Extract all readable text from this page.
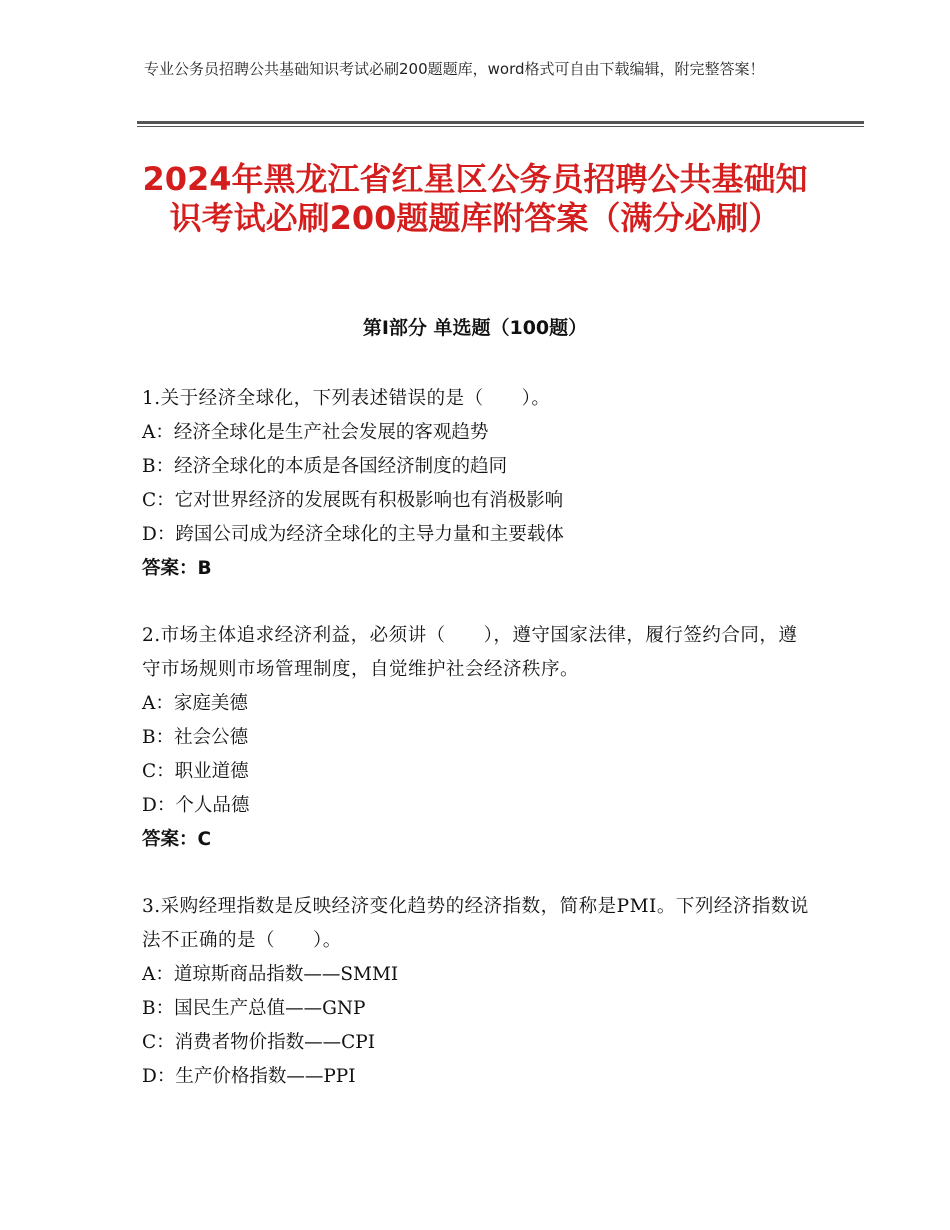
专业公务员招聘公共基础知识考试必刷200题题库，word格式可自由下载编辑，附完整答案！
2024年黑龙江省红星区公务员招聘公共基础知识考试必刷200题题库附答案（满分必刷）
第Ⅰ部分 单选题（100题）

1.关于经济全球化，下列表述错误的是（　　）。

A：经济全球化是生产社会发展的客观趋势

B：经济全球化的本质是各国经济制度的趋同

C：它对世界经济的发展既有积极影响也有消极影响

D：跨国公司成为经济全球化的主导力量和主要载体

答案：B

2.市场主体追求经济利益，必须讲（　　），遵守国家法律，履行签约合同，遵守市场规则市场管理制度，自觉维护社会经济秩序。

A：家庭美德

B：社会公德

C：职业道德

D：个人品德

答案：C

3.采购经理指数是反映经济变化趋势的经济指数，简称是PMI。下列经济指数说法不正确的是（　　）。

A：道琼斯商品指数——SMMI

B：国民生产总值——GNP

C：消费者物价指数——CPI

D：生产价格指数——PPI
